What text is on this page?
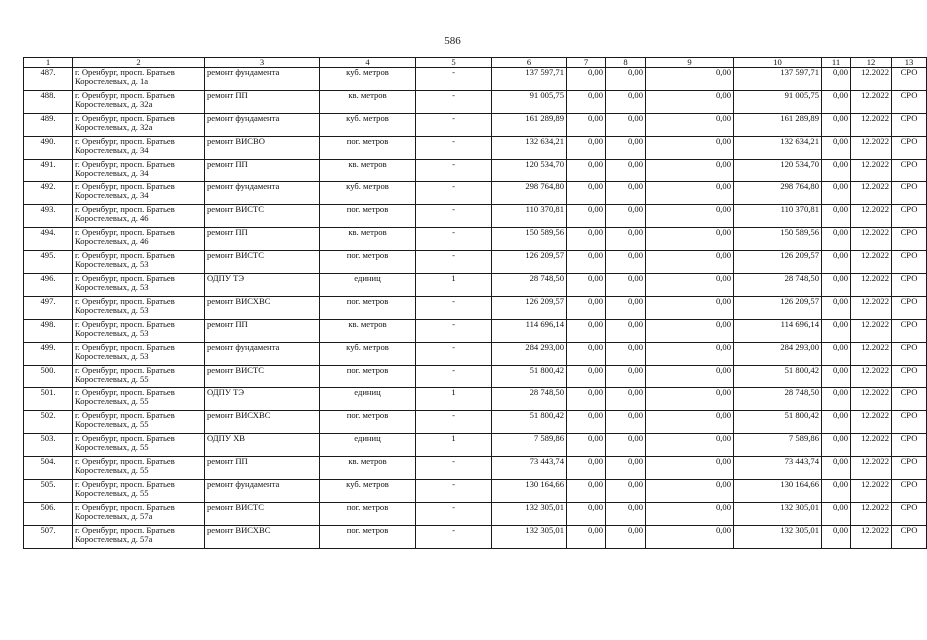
586
1	2	3	4	5	6	7	8	9	10	11	12	13
487.	г. Оренбург, просп. Братьев
Коростелевых, д. 1а	ремонт фундамента	куб. метров	-	137 597,71	0,00	0,00	0,00	137 597,71	0,00	12.2022	СРО
488.	г. Оренбург, просп. Братьев
Коростелевых, д. 32а	ремонт ПП	кв. метров	-	91 005,75	0,00	0,00	0,00	91 005,75	0,00	12.2022	СРО
489.	г. Оренбург, просп. Братьев
Коростелевых, д. 32а	ремонт фундамента	куб. метров	-	161 289,89	0,00	0,00	0,00	161 289,89	0,00	12.2022	СРО
490.	г. Оренбург, просп. Братьев
Коростелевых, д. 34	ремонт ВИСВО	пог. метров	-	132 634,21	0,00	0,00	0,00	132 634,21	0,00	12.2022	СРО
491.	г. Оренбург, просп. Братьев
Коростелевых, д. 34	ремонт ПП	кв. метров	-	120 534,70	0,00	0,00	0,00	120 534,70	0,00	12.2022	СРО
492.	г. Оренбург, просп. Братьев
Коростелевых, д. 34	ремонт фундамента	куб. метров	-	298 764,80	0,00	0,00	0,00	298 764,80	0,00	12.2022	СРО
493.	г. Оренбург, просп. Братьев
Коростелевых, д. 46	ремонт ВИСТС	пог. метров	-	110 370,81	0,00	0,00	0,00	110 370,81	0,00	12.2022	СРО
494.	г. Оренбург, просп. Братьев
Коростелевых, д. 46	ремонт ПП	кв. метров	-	150 589,56	0,00	0,00	0,00	150 589,56	0,00	12.2022	СРО
495.	г. Оренбург, просп. Братьев
Коростелевых, д. 53	ремонт ВИСТС	пог. метров	-	126 209,57	0,00	0,00	0,00	126 209,57	0,00	12.2022	СРО
496.	г. Оренбург, просп. Братьев
Коростелевых, д. 53	ОДПУ ТЭ	единиц	1	28 748,50	0,00	0,00	0,00	28 748,50	0,00	12.2022	СРО
497.	г. Оренбург, просп. Братьев
Коростелевых, д. 53	ремонт ВИСХВС	пог. метров	-	126 209,57	0,00	0,00	0,00	126 209,57	0,00	12.2022	СРО
498.	г. Оренбург, просп. Братьев
Коростелевых, д. 53	ремонт ПП	кв. метров	-	114 696,14	0,00	0,00	0,00	114 696,14	0,00	12.2022	СРО
499.	г. Оренбург, просп. Братьев
Коростелевых, д. 53	ремонт фундамента	куб. метров	-	284 293,00	0,00	0,00	0,00	284 293,00	0,00	12.2022	СРО
500.	г. Оренбург, просп. Братьев
Коростелевых, д. 55	ремонт ВИСТС	пог. метров	-	51 800,42	0,00	0,00	0,00	51 800,42	0,00	12.2022	СРО
501.	г. Оренбург, просп. Братьев
Коростелевых, д. 55	ОДПУ ТЭ	единиц	1	28 748,50	0,00	0,00	0,00	28 748,50	0,00	12.2022	СРО
502.	г. Оренбург, просп. Братьев
Коростелевых, д. 55	ремонт ВИСХВС	пог. метров	-	51 800,42	0,00	0,00	0,00	51 800,42	0,00	12.2022	СРО
503.	г. Оренбург, просп. Братьев
Коростелевых, д. 55	ОДПУ ХВ	единиц	1	7 589,86	0,00	0,00	0,00	7 589,86	0,00	12.2022	СРО
504.	г. Оренбург, просп. Братьев
Коростелевых, д. 55	ремонт ПП	кв. метров	-	73 443,74	0,00	0,00	0,00	73 443,74	0,00	12.2022	СРО
505.	г. Оренбург, просп. Братьев
Коростелевых, д. 55	ремонт фундамента	куб. метров	-	130 164,66	0,00	0,00	0,00	130 164,66	0,00	12.2022	СРО
506.	г. Оренбург, просп. Братьев
Коростелевых, д. 57а	ремонт ВИСТС	пог. метров	-	132 305,01	0,00	0,00	0,00	132 305,01	0,00	12.2022	СРО
507.	г. Оренбург, просп. Братьев
Коростелевых, д. 57а	ремонт ВИСХВС	пог. метров	-	132 305,01	0,00	0,00	0,00	132 305,01	0,00	12.2022	СРО
